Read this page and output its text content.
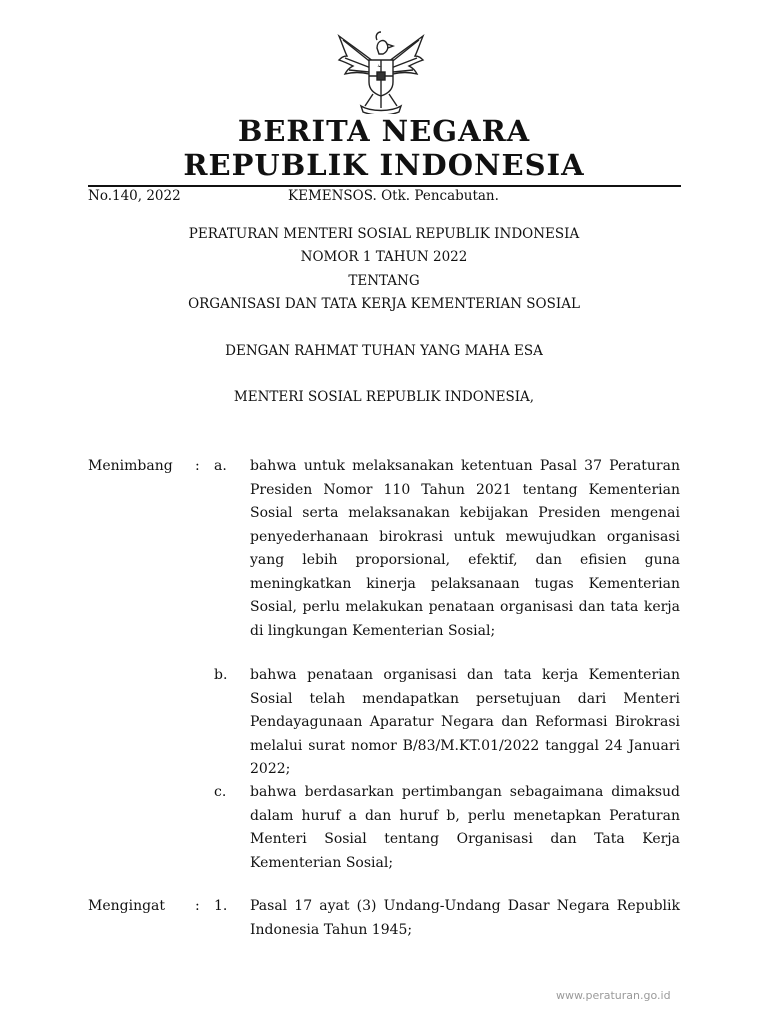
BERITA NEGARA
REPUBLIK INDONESIA
No.140, 2022	KEMENSOS. Otk. Pencabutan.
PERATURAN MENTERI SOSIAL REPUBLIK INDONESIA
NOMOR 1 TAHUN 2022
TENTANG
ORGANISASI DAN TATA KERJA KEMENTERIAN SOSIAL
DENGAN RAHMAT TUHAN YANG MAHA ESA
MENTERI SOSIAL REPUBLIK INDONESIA,
Menimbang : a. bahwa untuk melaksanakan ketentuan Pasal 37 Peraturan Presiden Nomor 110 Tahun 2021 tentang Kementerian Sosial serta melaksanakan kebijakan Presiden mengenai penyederhanaan birokrasi untuk mewujudkan organisasi yang lebih proporsional, efektif, dan efisien guna meningkatkan kinerja pelaksanaan tugas Kementerian Sosial, perlu melakukan penataan organisasi dan tata kerja di lingkungan Kementerian Sosial;

b. bahwa penataan organisasi dan tata kerja Kementerian Sosial telah mendapatkan persetujuan dari Menteri Pendayagunaan Aparatur Negara dan Reformasi Birokrasi melalui surat nomor B/83/M.KT.01/2022 tanggal 24 Januari 2022;

c. bahwa berdasarkan pertimbangan sebagaimana dimaksud dalam huruf a dan huruf b, perlu menetapkan Peraturan Menteri Sosial tentang Organisasi dan Tata Kerja Kementerian Sosial;

Mengingat : 1. Pasal 17 ayat (3) Undang-Undang Dasar Negara Republik Indonesia Tahun 1945;

www.peraturan.go.id
